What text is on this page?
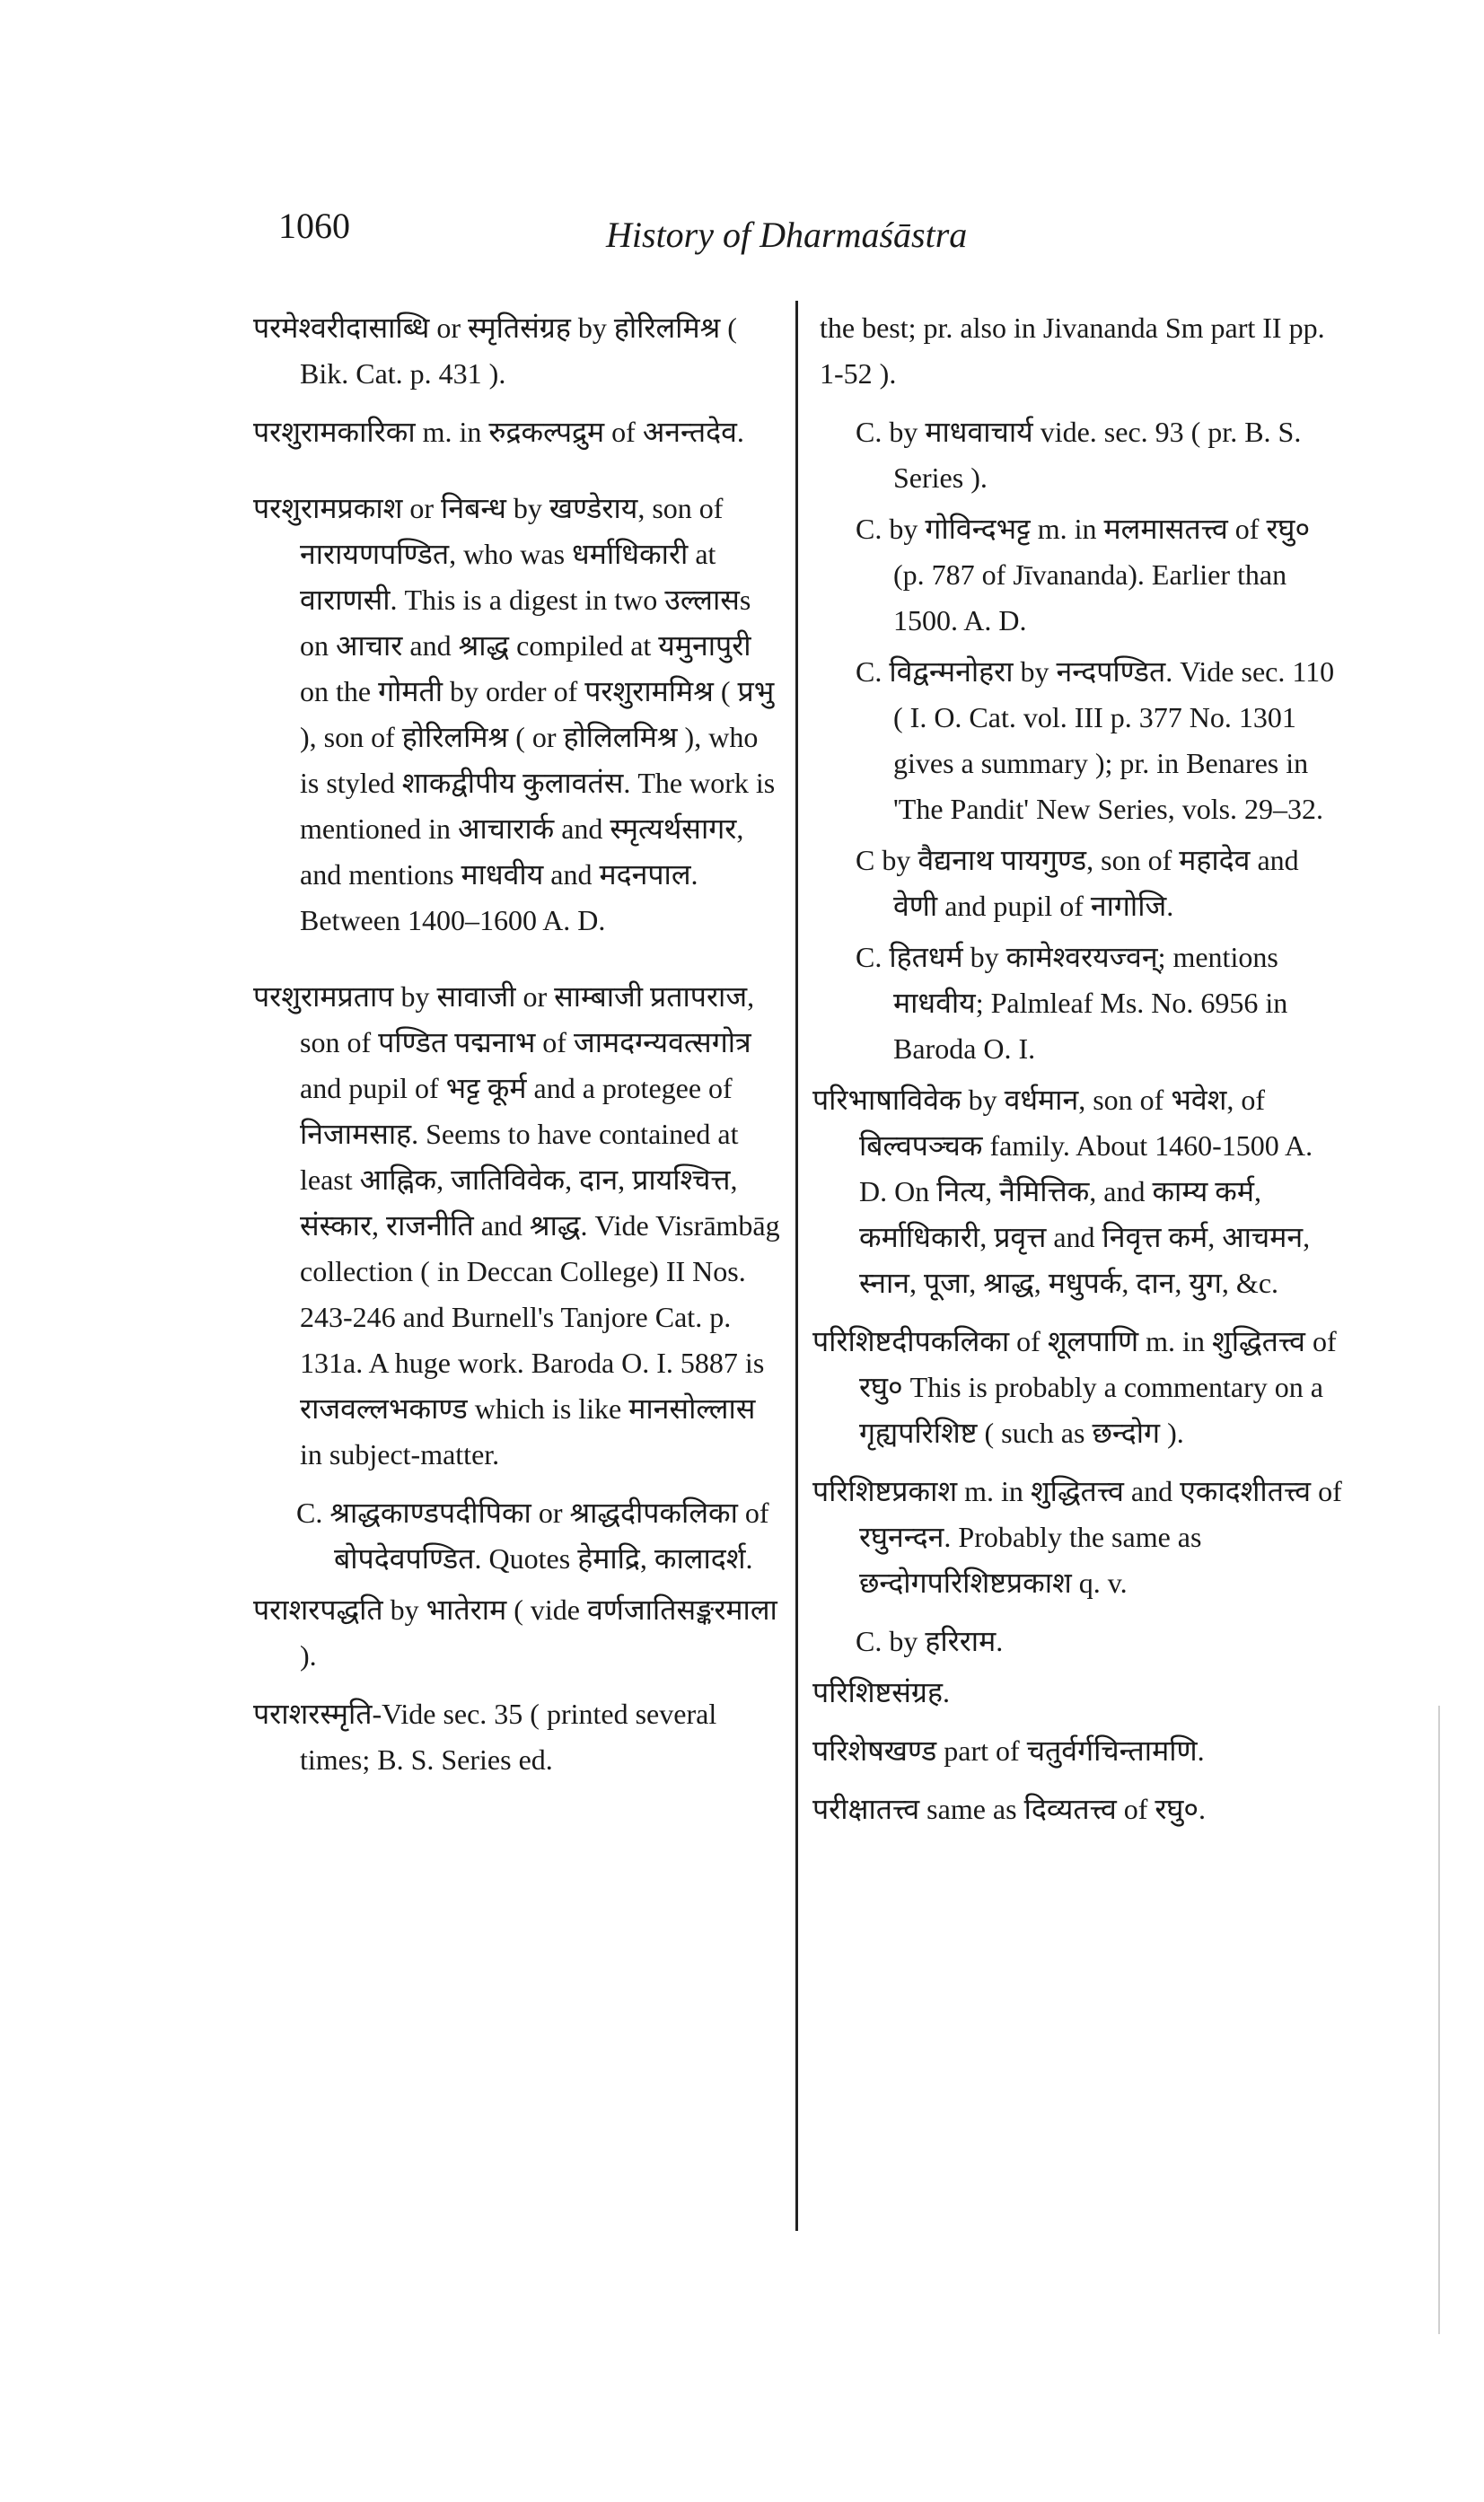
1060	History of Dharmaśāstra

परमेश्वरीदासाब्धि or स्मृतिसंग्रह by होरिलमिश्र ( Bik. Cat. p. 431 ).

परशुरामकारिका m. in रुद्रकल्पद्रुम of अनन्तदेव.

परशुरामप्रकाश or निबन्ध by खण्डेराय, son of नारायणपण्डित, who was धर्माधिकारी at वाराणसी. This is a digest in two उल्लासs on आचार and श्राद्ध compiled at यमुनापुरी on the गोमती by order of परशुराममिश्र ( प्रभु ), son of होरिलमिश्र ( or होलिलमिश्र ), who is styled शाकद्वीपीय कुलावतंस. The work is mentioned in आचारार्क and स्मृत्यर्थसागर, and mentions माधवीय and मदनपाल. Between 1400–1600 A. D.

परशुरामप्रताप by सावाजी or साम्बाजी प्रतापराज, son of पण्डित पद्मनाभ of जामदग्न्यवत्सगोत्र and pupil of भट्ट कूर्म and a protegee of निजामसाह. Seems to have contained at least आह्निक, जातिविवेक, दान, प्रायश्चित्त, संस्कार, राजनीति and श्राद्ध. Vide Visrāmbāg collection ( in Deccan College) II Nos. 243-246 and Burnell's Tanjore Cat. p. 131a. A huge work. Baroda O. I. 5887 is राजवल्लभकाण्ड which is like मानसोल्लास in subject-matter.

C. श्राद्धकाण्डपदीपिका or श्राद्धदीपकलिका of बोपदेवपण्डित. Quotes हेमाद्रि, कालादर्श.

पराशरपद्धति by भातेराम ( vide वर्णजातिसङ्करमाला ).

पराशरस्मृति-Vide sec. 35 ( printed several times; B. S. Series ed.

the best; pr. also in Jivananda Sm part II pp. 1-52 ).

C. by माधवाचार्य vide. sec. 93 ( pr. B. S. Series ).

C. by गोविन्दभट्ट m. in मलमासतत्त्व of रघु० (p. 787 of Jīvananda). Earlier than 1500. A. D.

C. विद्वन्मनोहरा by नन्दपण्डित. Vide sec. 110 ( I. O. Cat. vol. III p. 377 No. 1301 gives a summary ); pr. in Benares in 'The Pandit' New Series, vols. 29–32.

C by वैद्यनाथ पायगुण्ड, son of महादेव and वेणी and pupil of नागोजि.

C. हितधर्म by कामेश्वरयज्वन्; mentions माधवीय; Palmleaf Ms. No. 6956 in Baroda O. I.

परिभाषाविवेक by वर्धमान, son of भवेश, of बिल्वपञ्चक family. About 1460-1500 A. D. On नित्य, नैमित्तिक, and काम्य कर्म, कर्माधिकारी, प्रवृत्त and निवृत्त कर्म, आचमन, स्नान, पूजा, श्राद्ध, मधुपर्क, दान, युग, &c.

परिशिष्टदीपकलिका of शूलपाणि m. in शुद्धितत्त्व of रघु० This is probably a commentary on a गृह्यपरिशिष्ट ( such as छन्दोग ).

परिशिष्टप्रकाश m. in शुद्धितत्त्व and एकादशीतत्त्व of रघुनन्दन. Probably the same as छन्दोगपरिशिष्टप्रकाश q. v.

C. by हरिराम.

परिशिष्टसंग्रह.

परिशेषखण्ड part of चतुर्वर्गचिन्तामणि.

परीक्षातत्त्व same as दिव्यतत्त्व of रघु०.
